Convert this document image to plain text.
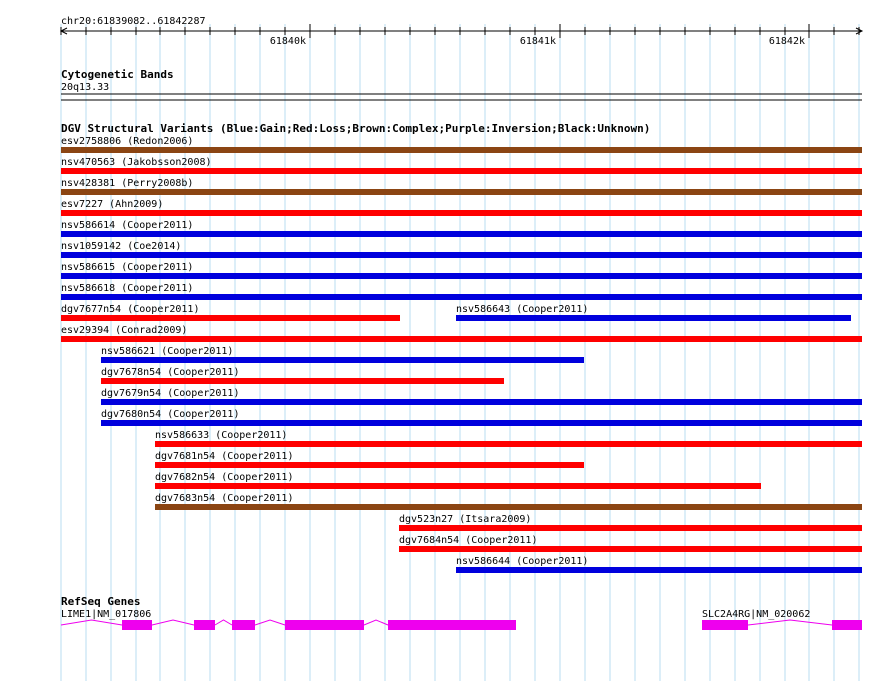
chr20:61839082..61842287
61840k	61841k	61842k
Cytogenetic Bands
20q13.33
DGV Structural Variants (Blue:Gain;Red:Loss;Brown:Complex;Purple:Inversion;Black:Unknown)
esv2758806 (Redon2006)
nsv470563 (Jakobsson2008)
nsv428381 (Perry2008b)
esv7227 (Ahn2009)
nsv586614 (Cooper2011)
nsv1059142 (Coe2014)
nsv586615 (Cooper2011)
nsv586618 (Cooper2011)
dgv7677n54 (Cooper2011)	nsv586643 (Cooper2011)
esv29394 (Conrad2009)
nsv586621 (Cooper2011)
dgv7678n54 (Cooper2011)
dgv7679n54 (Cooper2011)
dgv7680n54 (Cooper2011)
nsv586633 (Cooper2011)
dgv7681n54 (Cooper2011)
dgv7682n54 (Cooper2011)
dgv7683n54 (Cooper2011)
dgv523n27 (Itsara2009)
dgv7684n54 (Cooper2011)
nsv586644 (Cooper2011)
RefSeq Genes
LIME1|NM_017806	SLC2A4RG|NM_020062
